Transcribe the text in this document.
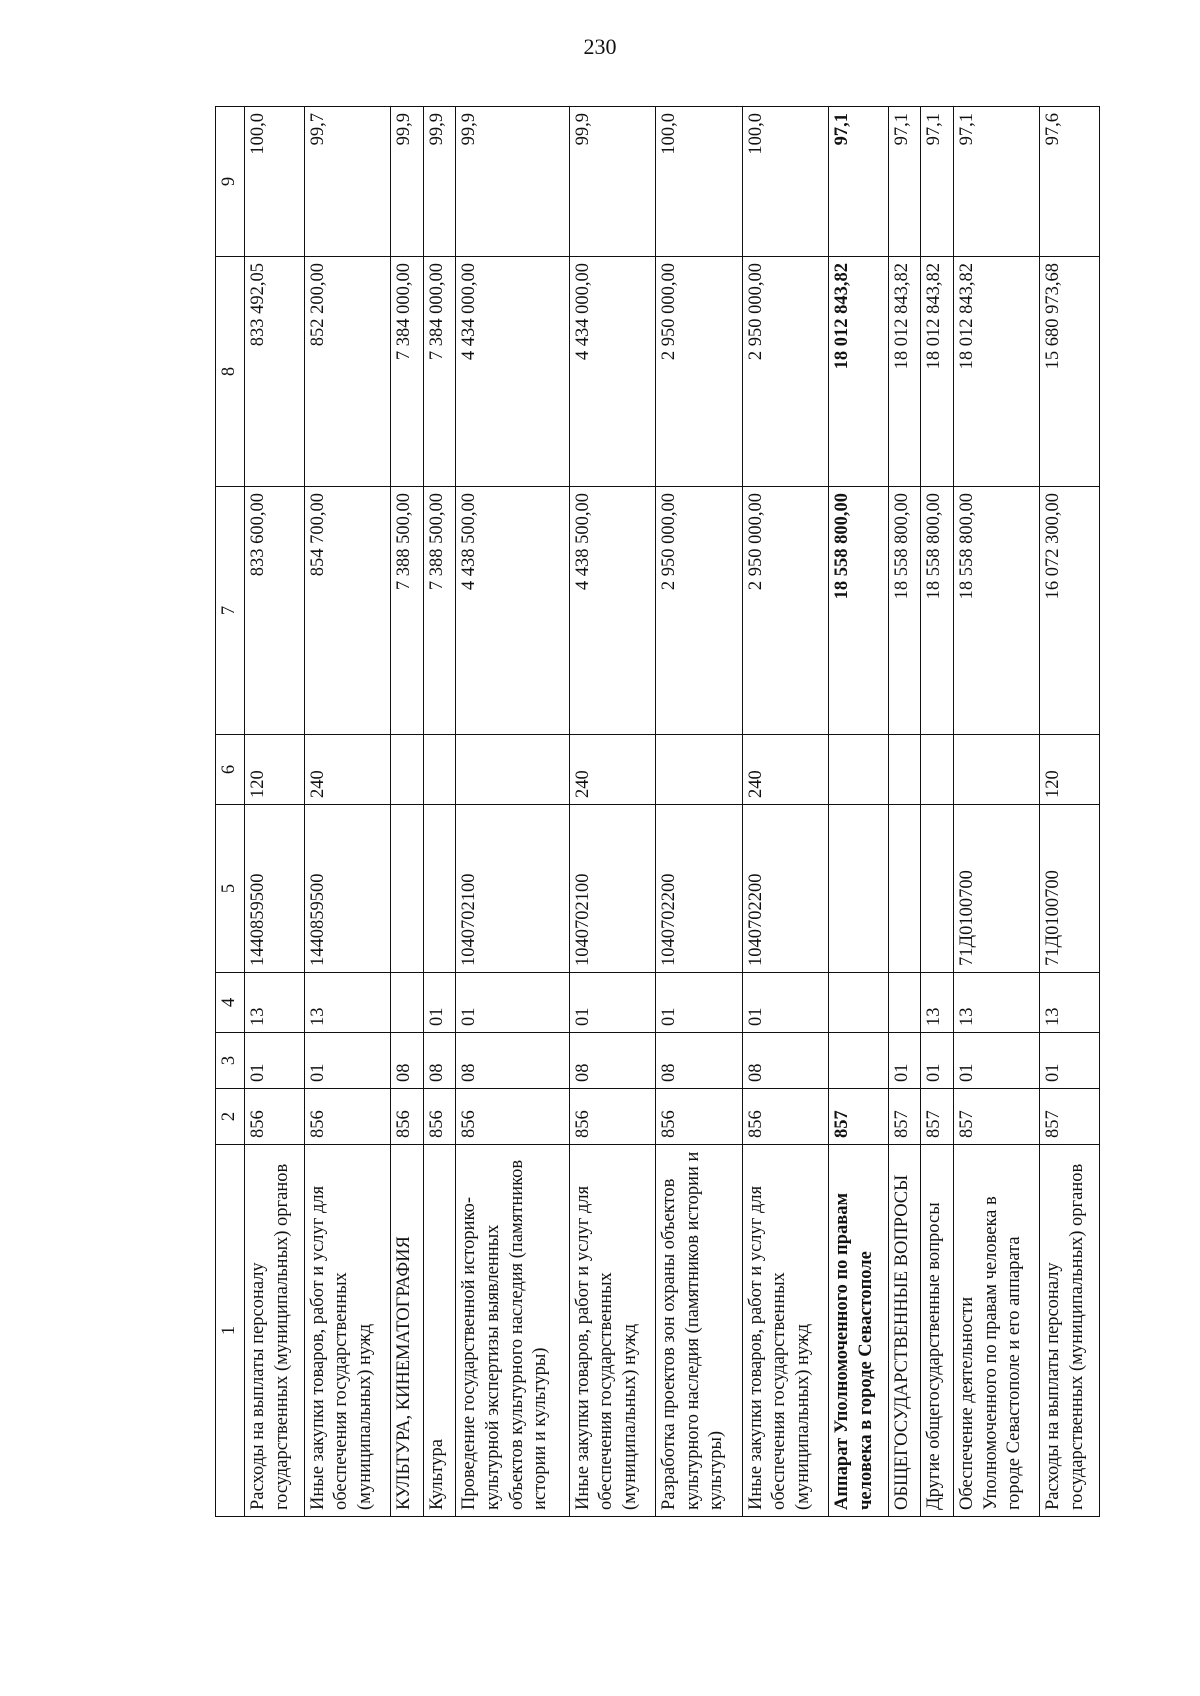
230
1	2	3	4	5	6	7	8	9
Расходы на выплаты персоналу государственных (муниципальных) органов	856	01	13	1440859500	120	833 600,00	833 492,05	100,0
Иные закупки товаров, работ и услуг для обеспечения государственных (муниципальных) нужд	856	01	13	1440859500	240	854 700,00	852 200,00	99,7
КУЛЬТУРА, КИНЕМАТОГРАФИЯ	856	08				7 388 500,00	7 384 000,00	99,9
Культура	856	08	01			7 388 500,00	7 384 000,00	99,9
Проведение государственной историко-культурной экспертизы выявленных объектов культурного наследия (памятников истории и культуры)	856	08	01	1040702100		4 438 500,00	4 434 000,00	99,9
Иные закупки товаров, работ и услуг для обеспечения государственных (муниципальных) нужд	856	08	01	1040702100	240	4 438 500,00	4 434 000,00	99,9
Разработка проектов зон охраны объектов культурного наследия (памятников истории и культуры)	856	08	01	1040702200		2 950 000,00	2 950 000,00	100,0
Иные закупки товаров, работ и услуг для обеспечения государственных (муниципальных) нужд	856	08	01	1040702200	240	2 950 000,00	2 950 000,00	100,0
Аппарат Уполномоченного по правам человека в городе Севастополе	857					18 558 800,00	18 012 843,82	97,1
ОБЩЕГОСУДАРСТВЕННЫЕ ВОПРОСЫ	857	01				18 558 800,00	18 012 843,82	97,1
Другие общегосударственные вопросы	857	01	13			18 558 800,00	18 012 843,82	97,1
Обеспечение деятельности Уполномоченного по правам человека в городе Севастополе и его аппарата	857	01	13	71Д0100700		18 558 800,00	18 012 843,82	97,1
Расходы на выплаты персоналу государственных (муниципальных) органов	857	01	13	71Д0100700	120	16 072 300,00	15 680 973,68	97,6
